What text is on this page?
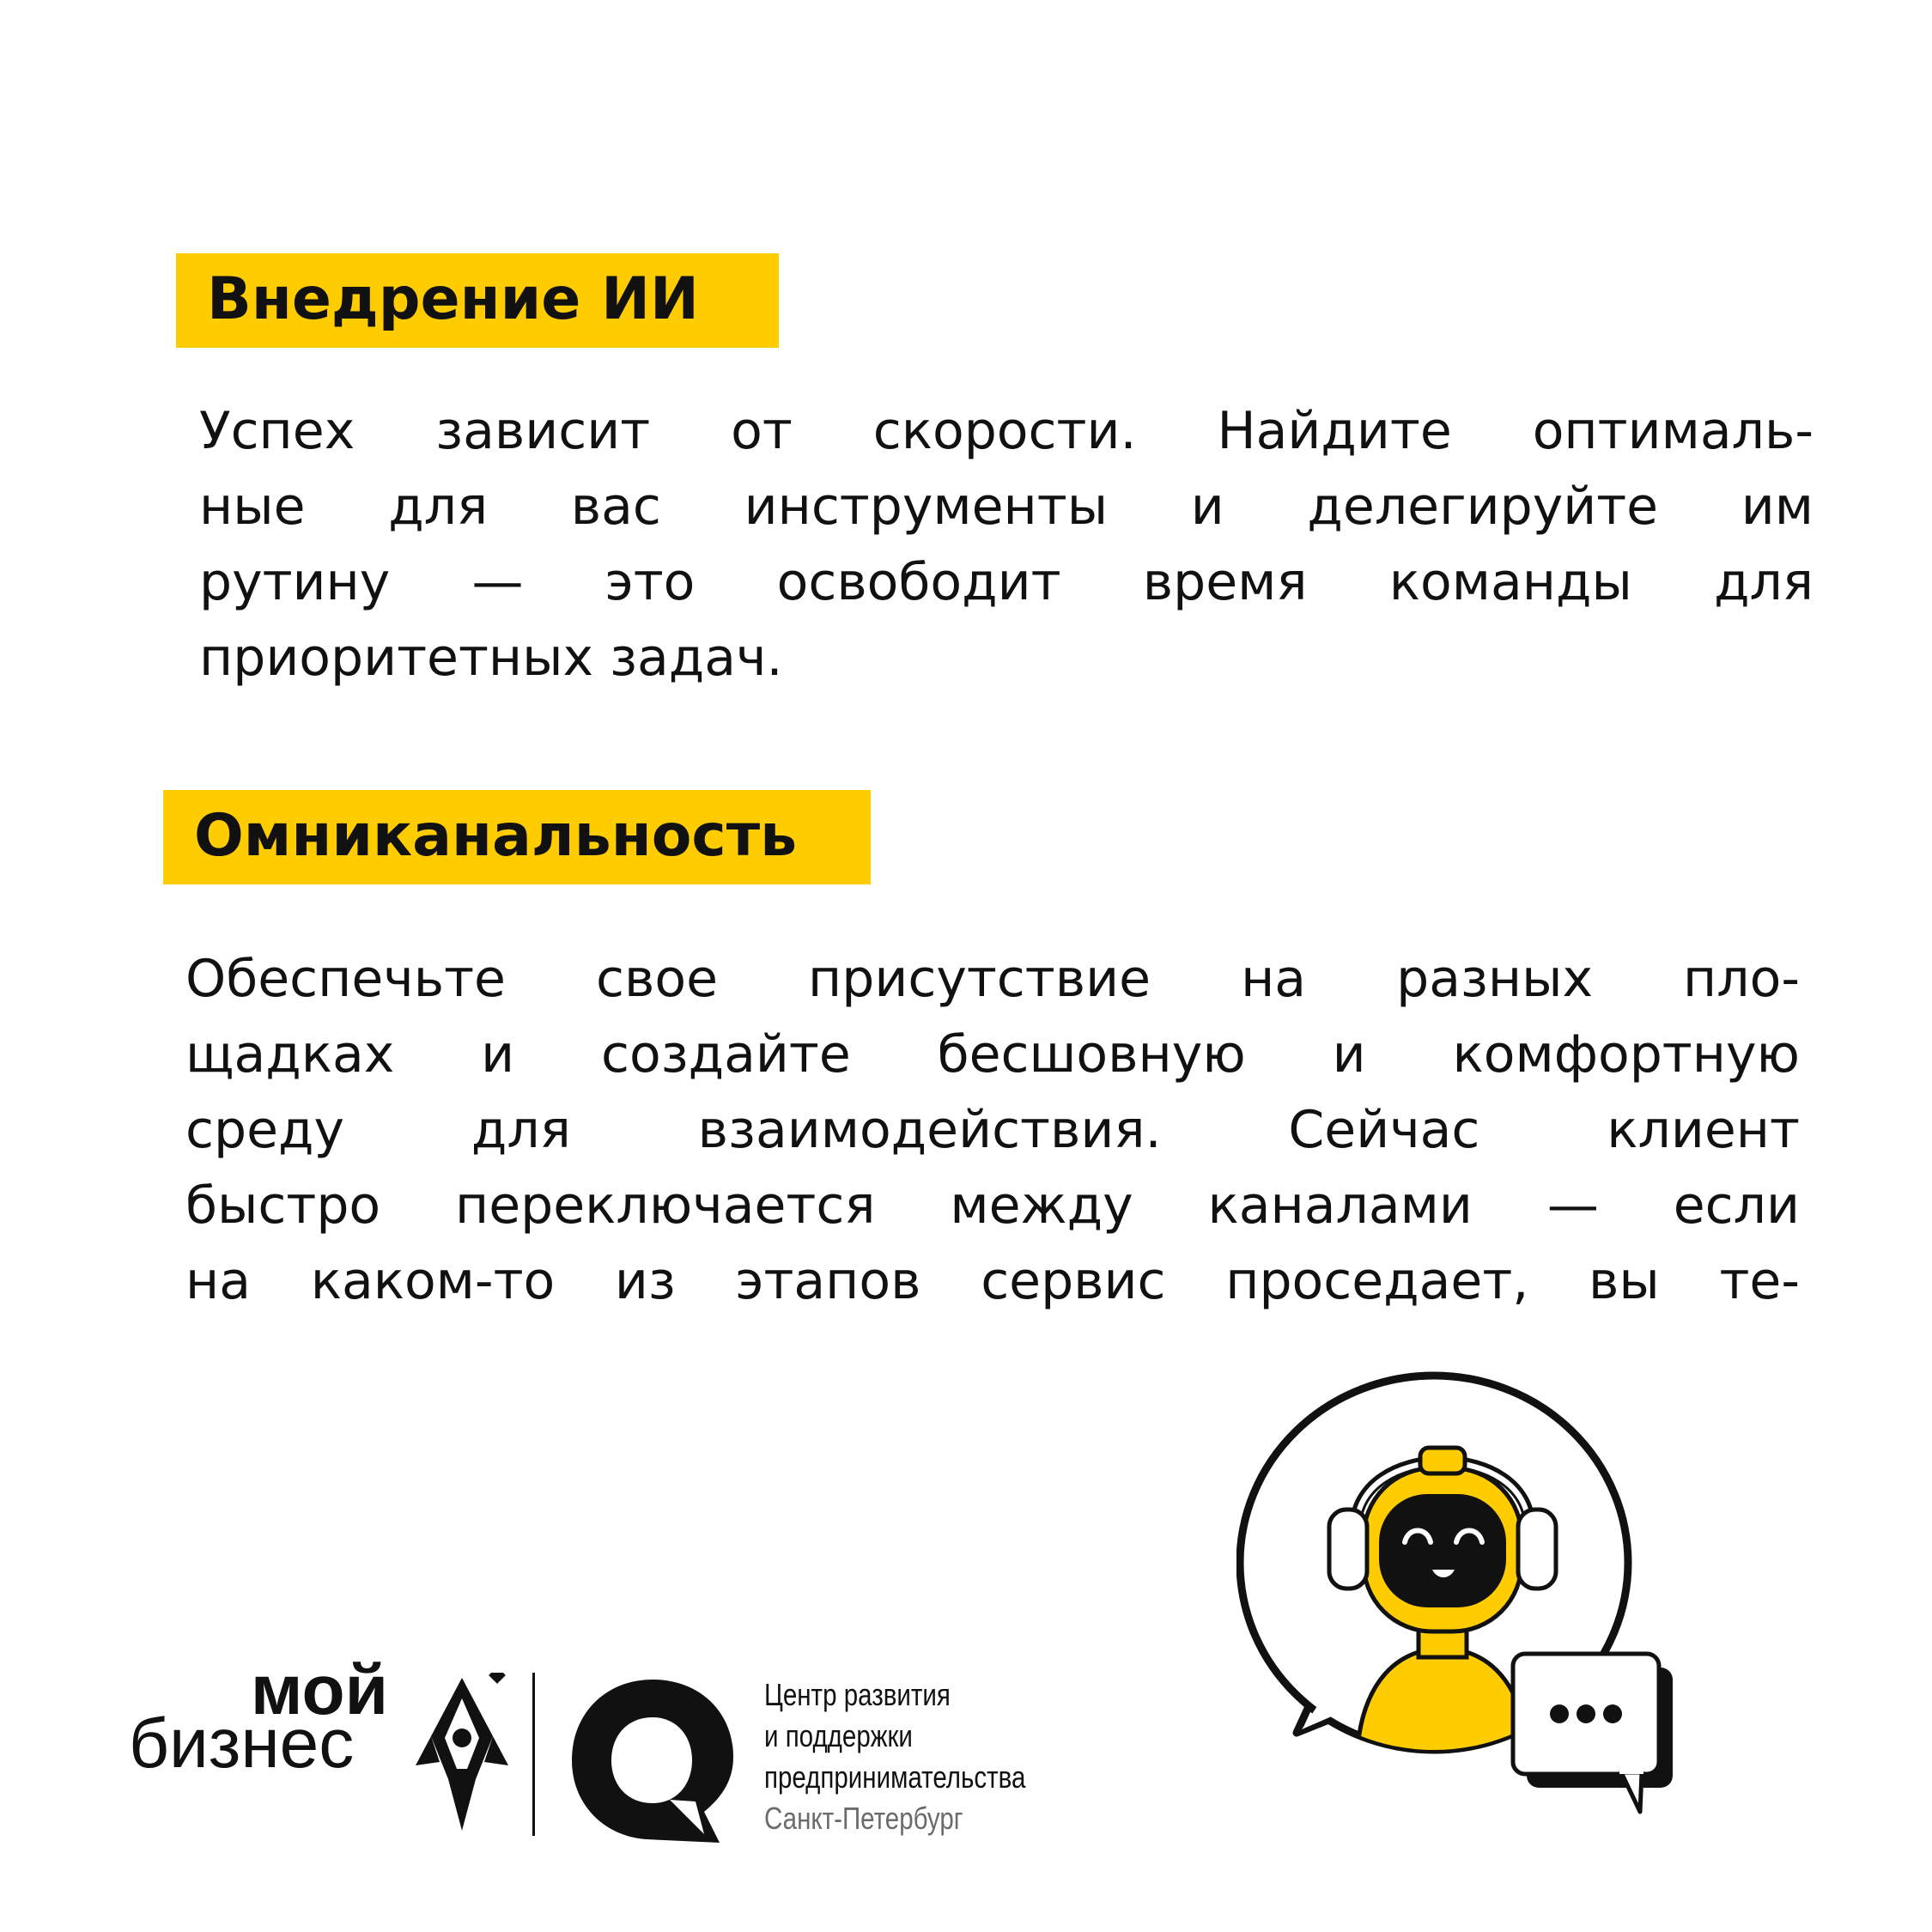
Внедрение ИИ
Успех зависит от скорости. Найдите оптималь-
ные для вас инструменты и делегируйте им
рутину — это освободит время команды для
приоритетных задач.
Омниканальность
Обеспечьте свое присутствие на разных пло-
щадках и создайте бесшовную и комфортную
среду для взаимодействия. Сейчас клиент
быстро переключается между каналами — если
на каком-то из этапов сервис проседает, вы те-
мой
бизнес
Центр развития
и поддержки
предпринимательства
Санкт-Петербург
